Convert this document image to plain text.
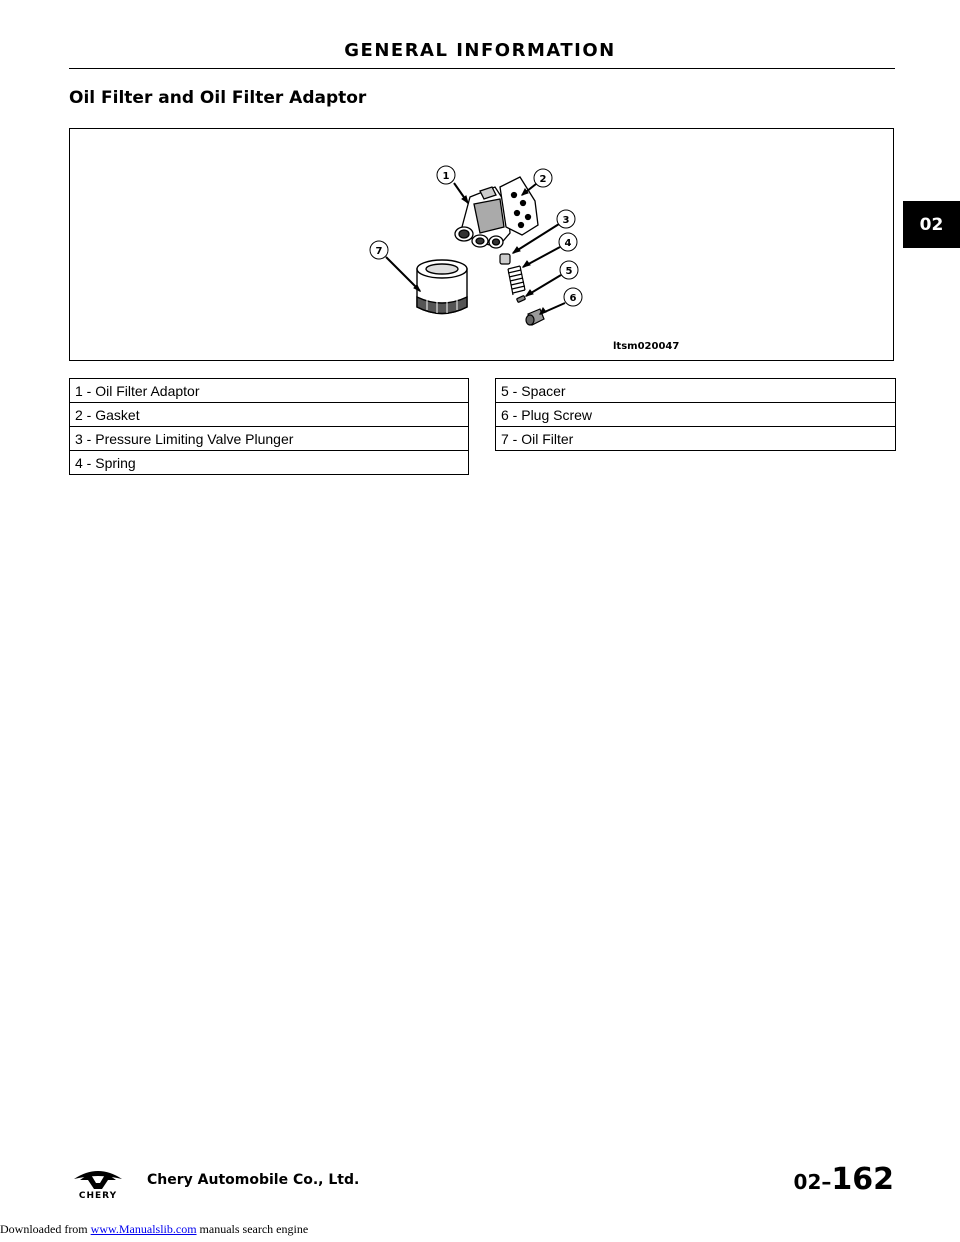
GENERAL INFORMATION
Oil Filter and Oil Filter Adaptor
02
1	2
3
4
5
6
7
ltsm020047
1 - Oil Filter Adaptor
2 - Gasket
3 - Pressure Limiting Valve Plunger
4 - Spring
5 - Spacer
6 - Plug Screw
7 - Oil Filter
CHERY
Chery Automobile Co., Ltd.	02–162
Downloaded from www.Manualslib.com manuals search engine
